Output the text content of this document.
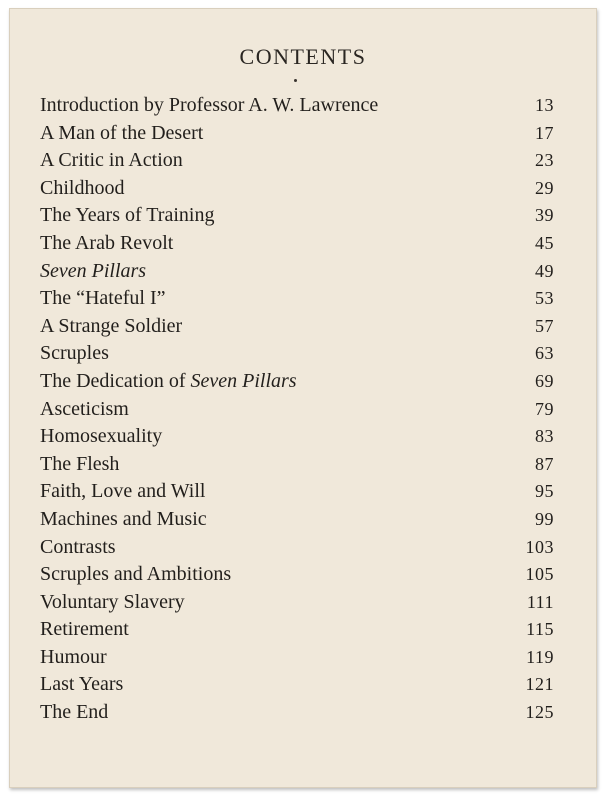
CONTENTS
Introduction by Professor A. W. Lawrence	13
A Man of the Desert	17
A Critic in Action	23
Childhood	29
The Years of Training	39
The Arab Revolt	45
Seven Pillars	49
The “Hateful I”	53
A Strange Soldier	57
Scruples	63
The Dedication of Seven Pillars	69
Asceticism	79
Homosexuality	83
The Flesh	87
Faith, Love and Will	95
Machines and Music	99
Contrasts	103
Scruples and Ambitions	105
Voluntary Slavery	111
Retirement	115
Humour	119
Last Years	121
The End	125
